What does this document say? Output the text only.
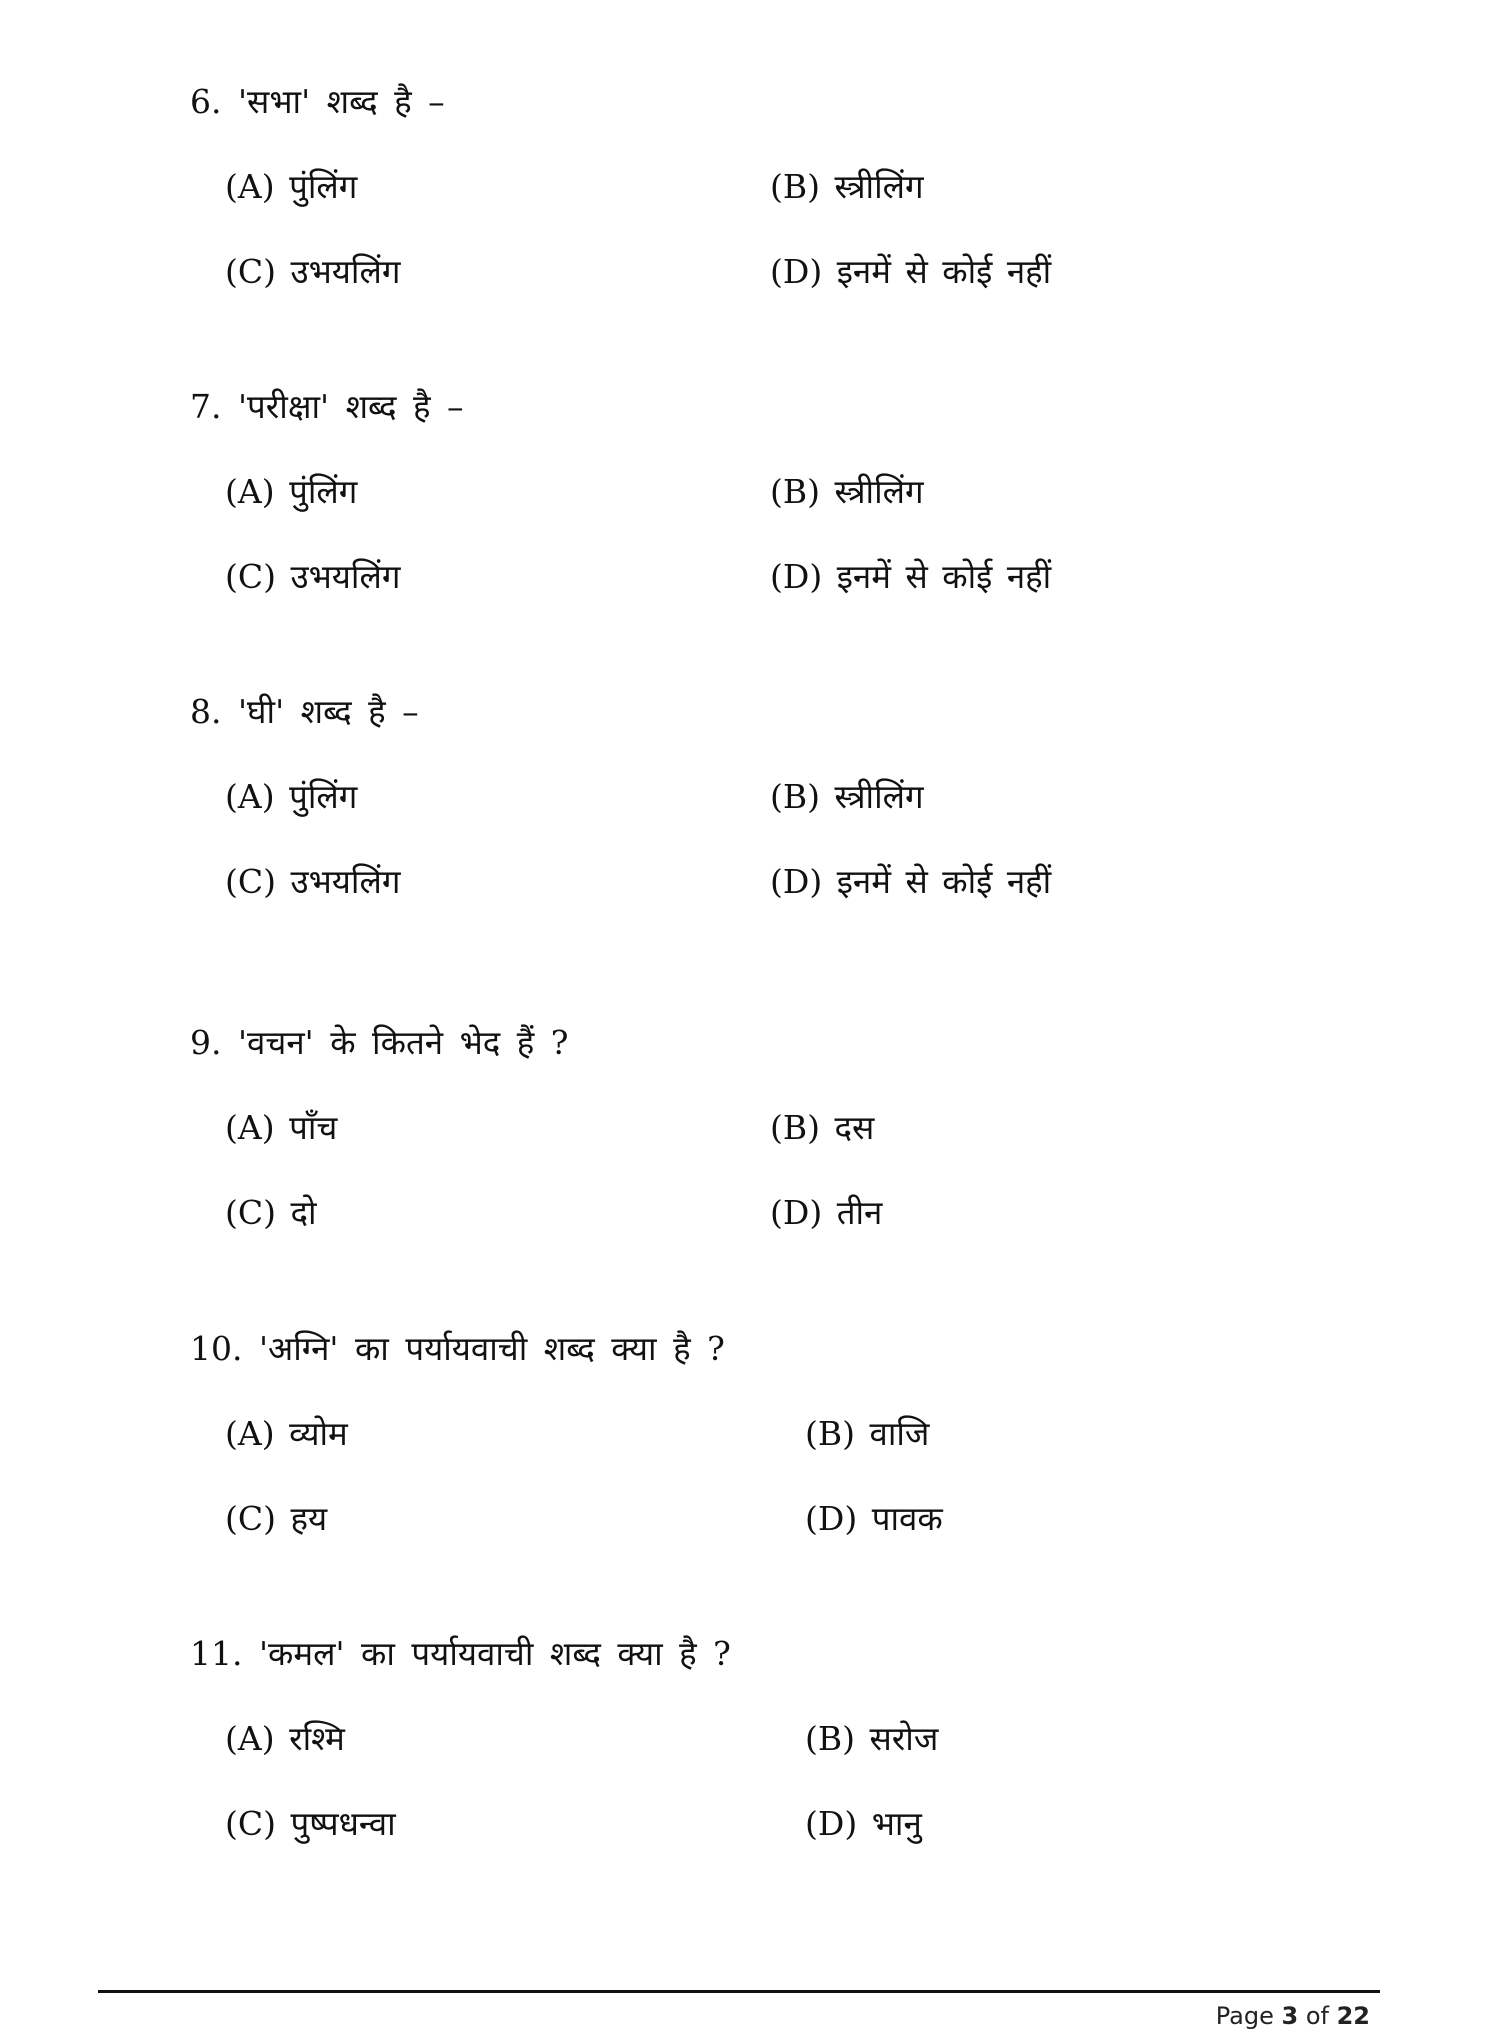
6. 'सभा' शब्द है –
(A) पुंलिंग	(B) स्त्रीलिंग
(C) उभयलिंग	(D) इनमें से कोई नहीं
7. 'परीक्षा' शब्द है –
(A) पुंलिंग	(B) स्त्रीलिंग
(C) उभयलिंग	(D) इनमें से कोई नहीं
8. 'घी' शब्द है –
(A) पुंलिंग	(B) स्त्रीलिंग
(C) उभयलिंग	(D) इनमें से कोई नहीं
9. 'वचन' के कितने भेद हैं ?
(A) पाँच	(B) दस
(C) दो	(D) तीन
10. 'अग्नि' का पर्यायवाची शब्द क्या है ?
(A) व्योम	(B) वाजि
(C) हय	(D) पावक
11. 'कमल' का पर्यायवाची शब्द क्या है ?
(A) रश्मि	(B) सरोज
(C) पुष्पधन्वा	(D) भानु
Page 3 of 22
